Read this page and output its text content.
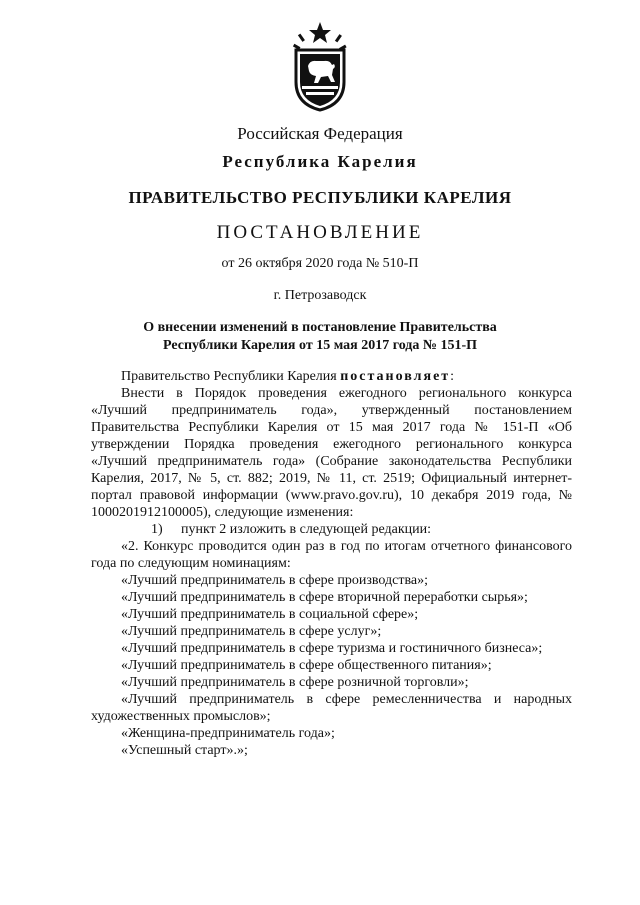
Российская Федерация
Республика Карелия
ПРАВИТЕЛЬСТВО РЕСПУБЛИКИ КАРЕЛИЯ
ПОСТАНОВЛЕНИЕ
от 26 октября 2020 года № 510-П
г. Петрозаводск
О внесении изменений в постановление Правительства
Республики Карелия от 15 мая 2017 года № 151-П

Правительство Республики Карелия постановляет:

Внести в Порядок проведения ежегодного регионального конкурса «Лучший предприниматель года», утвержденный постановлением Правительства Республики Карелия от 15 мая 2017 года № 151-П «Об утверждении Порядка проведения ежегодного регионального конкурса «Лучший предприниматель года» (Собрание законодательства Республики Карелия, 2017, № 5, ст. 882; 2019, № 11, ст. 2519; Официальный интернет-портал правовой информации (www.pravo.gov.ru), 10 декабря 2019 года, № 1000201912100005), следующие изменения:

1) пункт 2 изложить в следующей редакции:

«2. Конкурс проводится один раз в год по итогам отчетного финансового года по следующим номинациям:

«Лучший предприниматель в сфере производства»;

«Лучший предприниматель в сфере вторичной переработки сырья»;

«Лучший предприниматель в социальной сфере»;

«Лучший предприниматель в сфере услуг»;

«Лучший предприниматель в сфере туризма и гостиничного бизнеса»;

«Лучший предприниматель в сфере общественного питания»;

«Лучший предприниматель в сфере розничной торговли»;

«Лучший предприниматель в сфере ремесленничества и народных художественных промыслов»;

«Женщина-предприниматель года»;

«Успешный старт».»;
